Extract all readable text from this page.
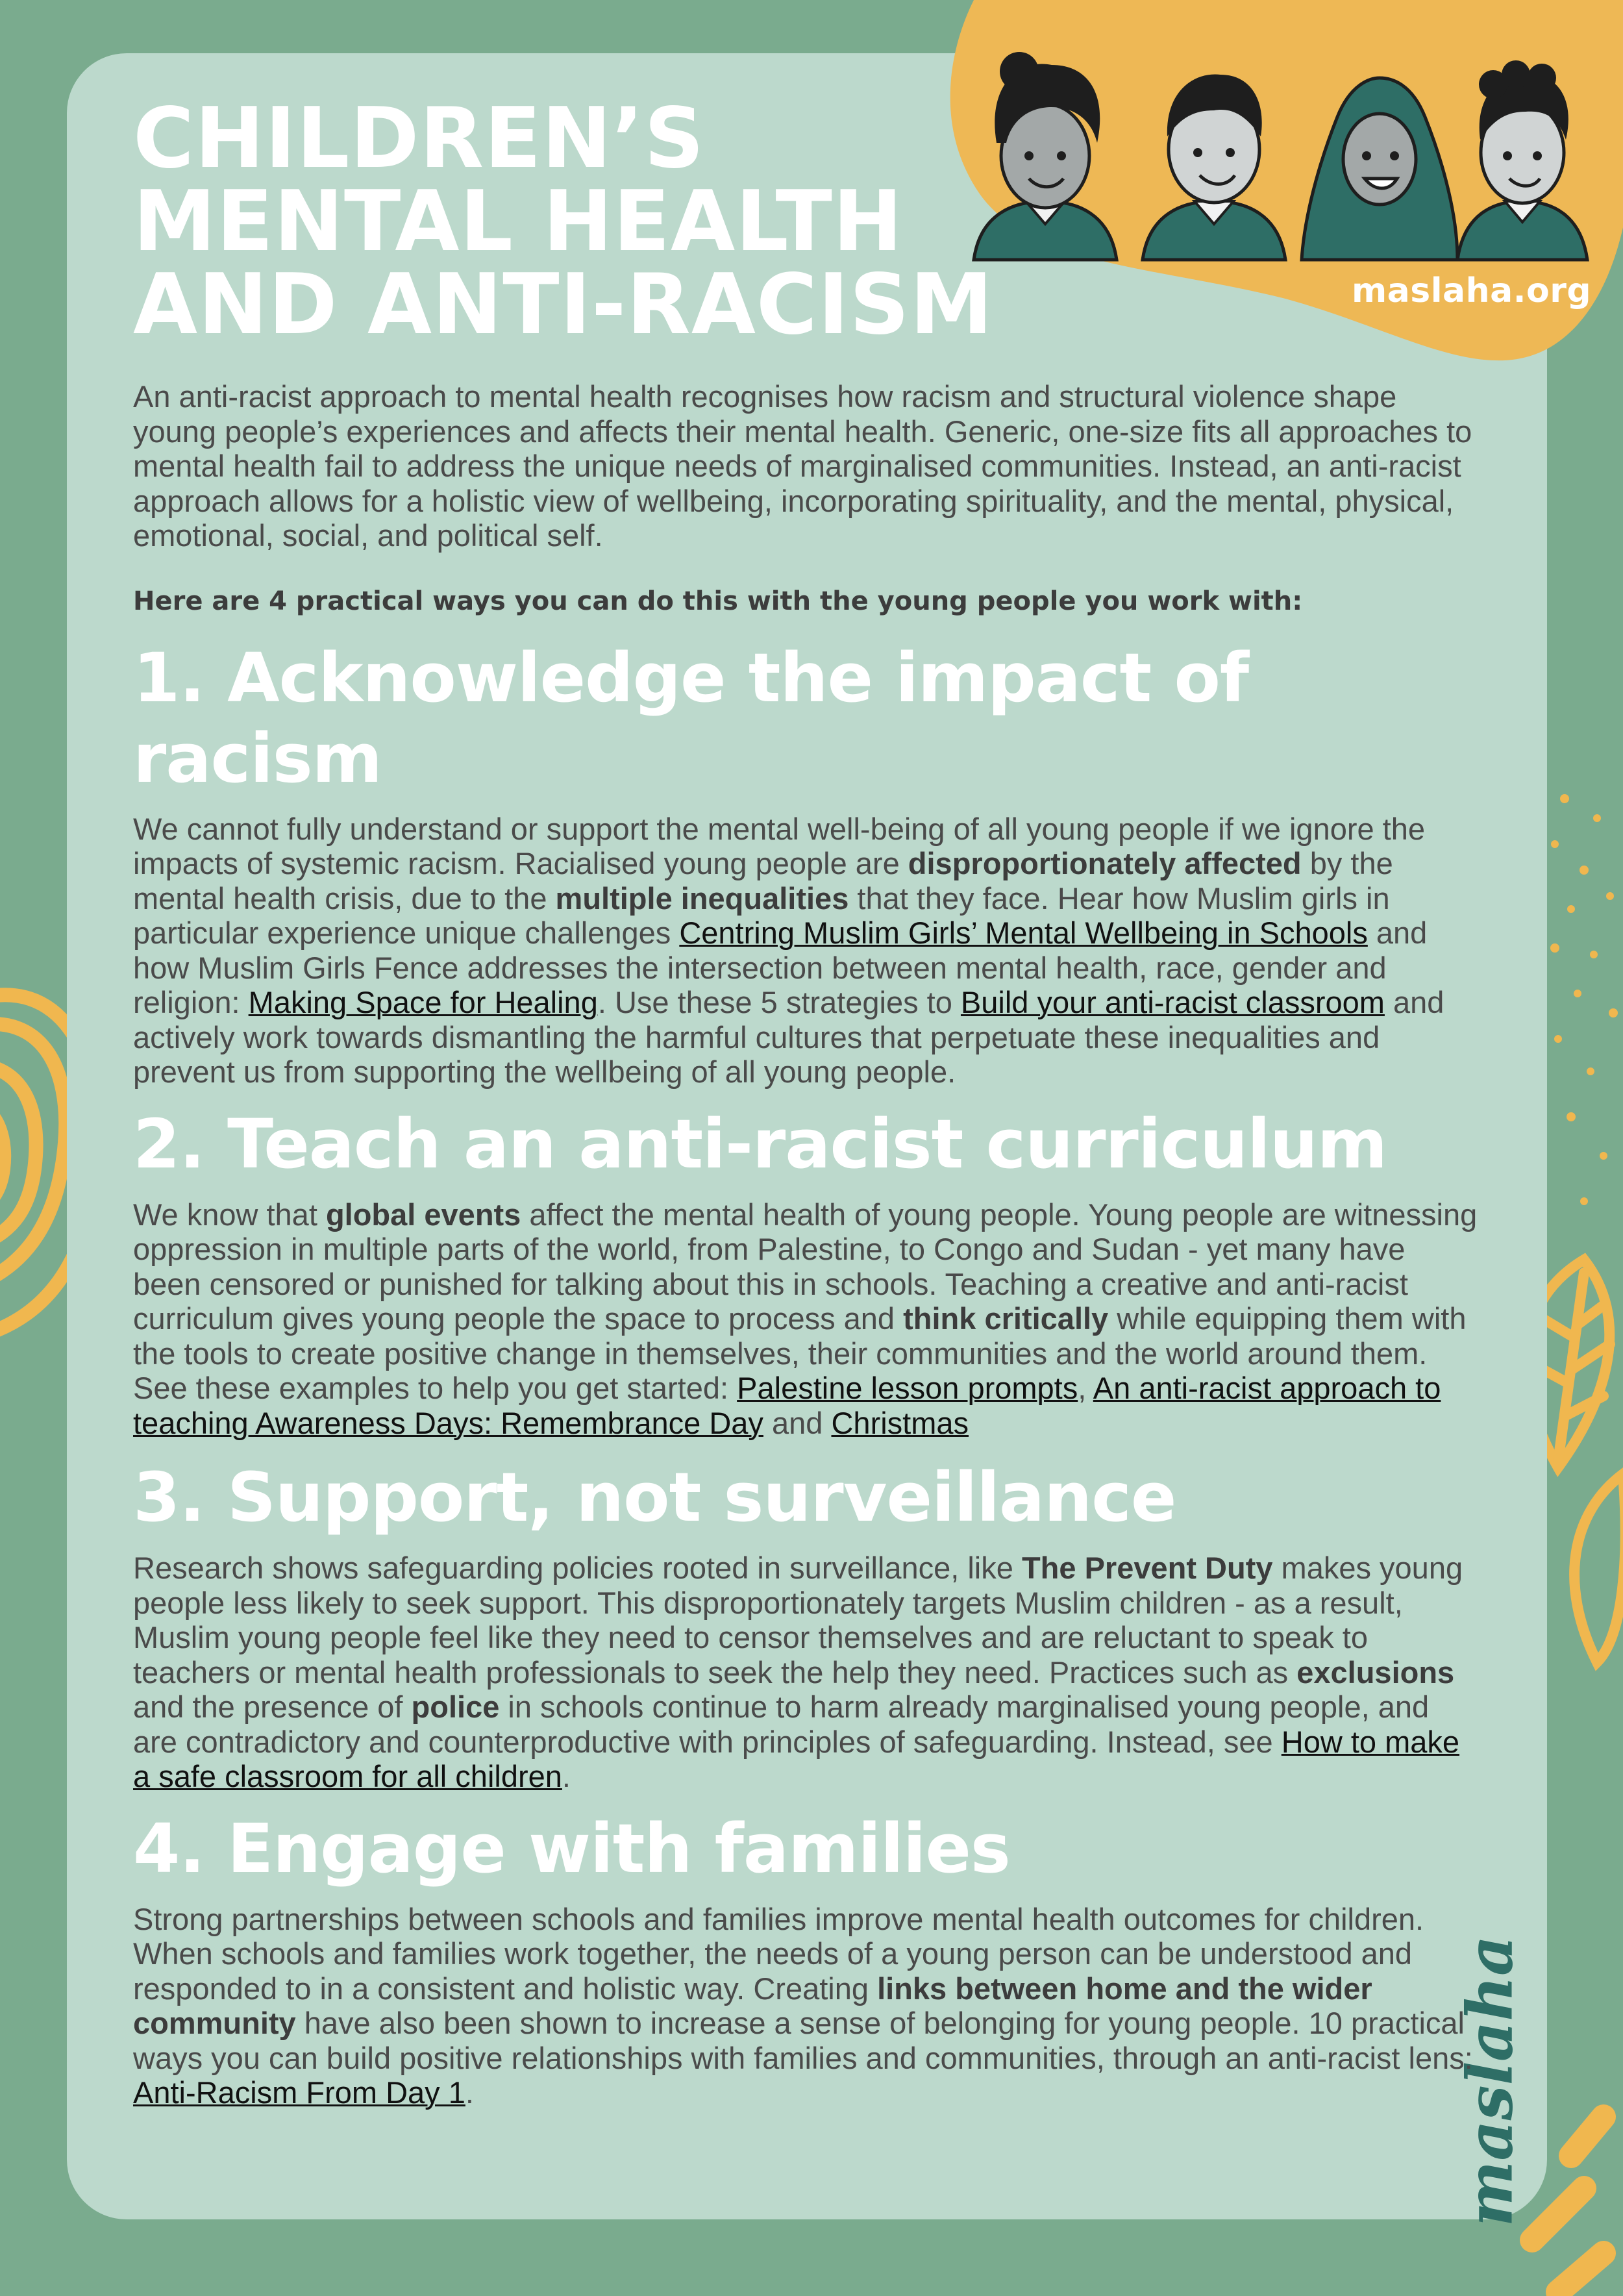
maslaha.org
maslaha
CHILDREN’S
MENTAL HEALTH
AND ANTI-RACISM

An anti-racist approach to mental health recognises how racism and structural violence shape young people’s experiences and affects their mental health. Generic, one-size fits all approaches to mental health fail to address the unique needs of marginalised communities. Instead, an anti-racist approach allows for a holistic view of wellbeing, incorporating spirituality, and the mental, physical, emotional, social, and political self.

Here are 4 practical ways you can do this with the young people you work with:

1. Acknowledge the impact of racism

We cannot fully understand or support the mental well-being of all young people if we ignore the impacts of systemic racism. Racialised young people are disproportionately affected by the mental health crisis, due to the multiple inequalities that they face. Hear how Muslim girls in particular experience unique challenges Centring Muslim Girls’ Mental Wellbeing in Schools and how Muslim Girls Fence addresses the intersection between mental health, race, gender and religion: Making Space for Healing. Use these 5 strategies to Build your anti-racist classroom and actively work towards dismantling the harmful cultures that perpetuate these inequalities and prevent us from supporting the wellbeing of all young people.

2. Teach an anti-racist curriculum

We know that global events affect the mental health of young people. Young people are witnessing oppression in multiple parts of the world, from Palestine, to Congo and Sudan - yet many have been censored or punished for talking about this in schools. Teaching a creative and anti-racist curriculum gives young people the space to process and think critically while equipping them with the tools to create positive change in themselves, their communities and the world around them. See these examples to help you get started: Palestine lesson prompts, An anti-racist approach to teaching Awareness Days: Remembrance Day and Christmas

3. Support, not surveillance

Research shows safeguarding policies rooted in surveillance, like The Prevent Duty makes young people less likely to seek support. This disproportionately targets Muslim children - as a result, Muslim young people feel like they need to censor themselves and are reluctant to speak to teachers or mental health professionals to seek the help they need. Practices such as exclusions and the presence of police in schools continue to harm already marginalised young people, and are contradictory and counterproductive with principles of safeguarding. Instead, see How to make a safe classroom for all children.

4. Engage with families

Strong partnerships between schools and families improve mental health outcomes for children. When schools and families work together, the needs of a young person can be understood and responded to in a consistent and holistic way. Creating links between home and the wider community have also been shown to increase a sense of belonging for young people. 10 practical ways you can build positive relationships with families and communities, through an anti-racist lens: Anti-Racism From Day 1.
